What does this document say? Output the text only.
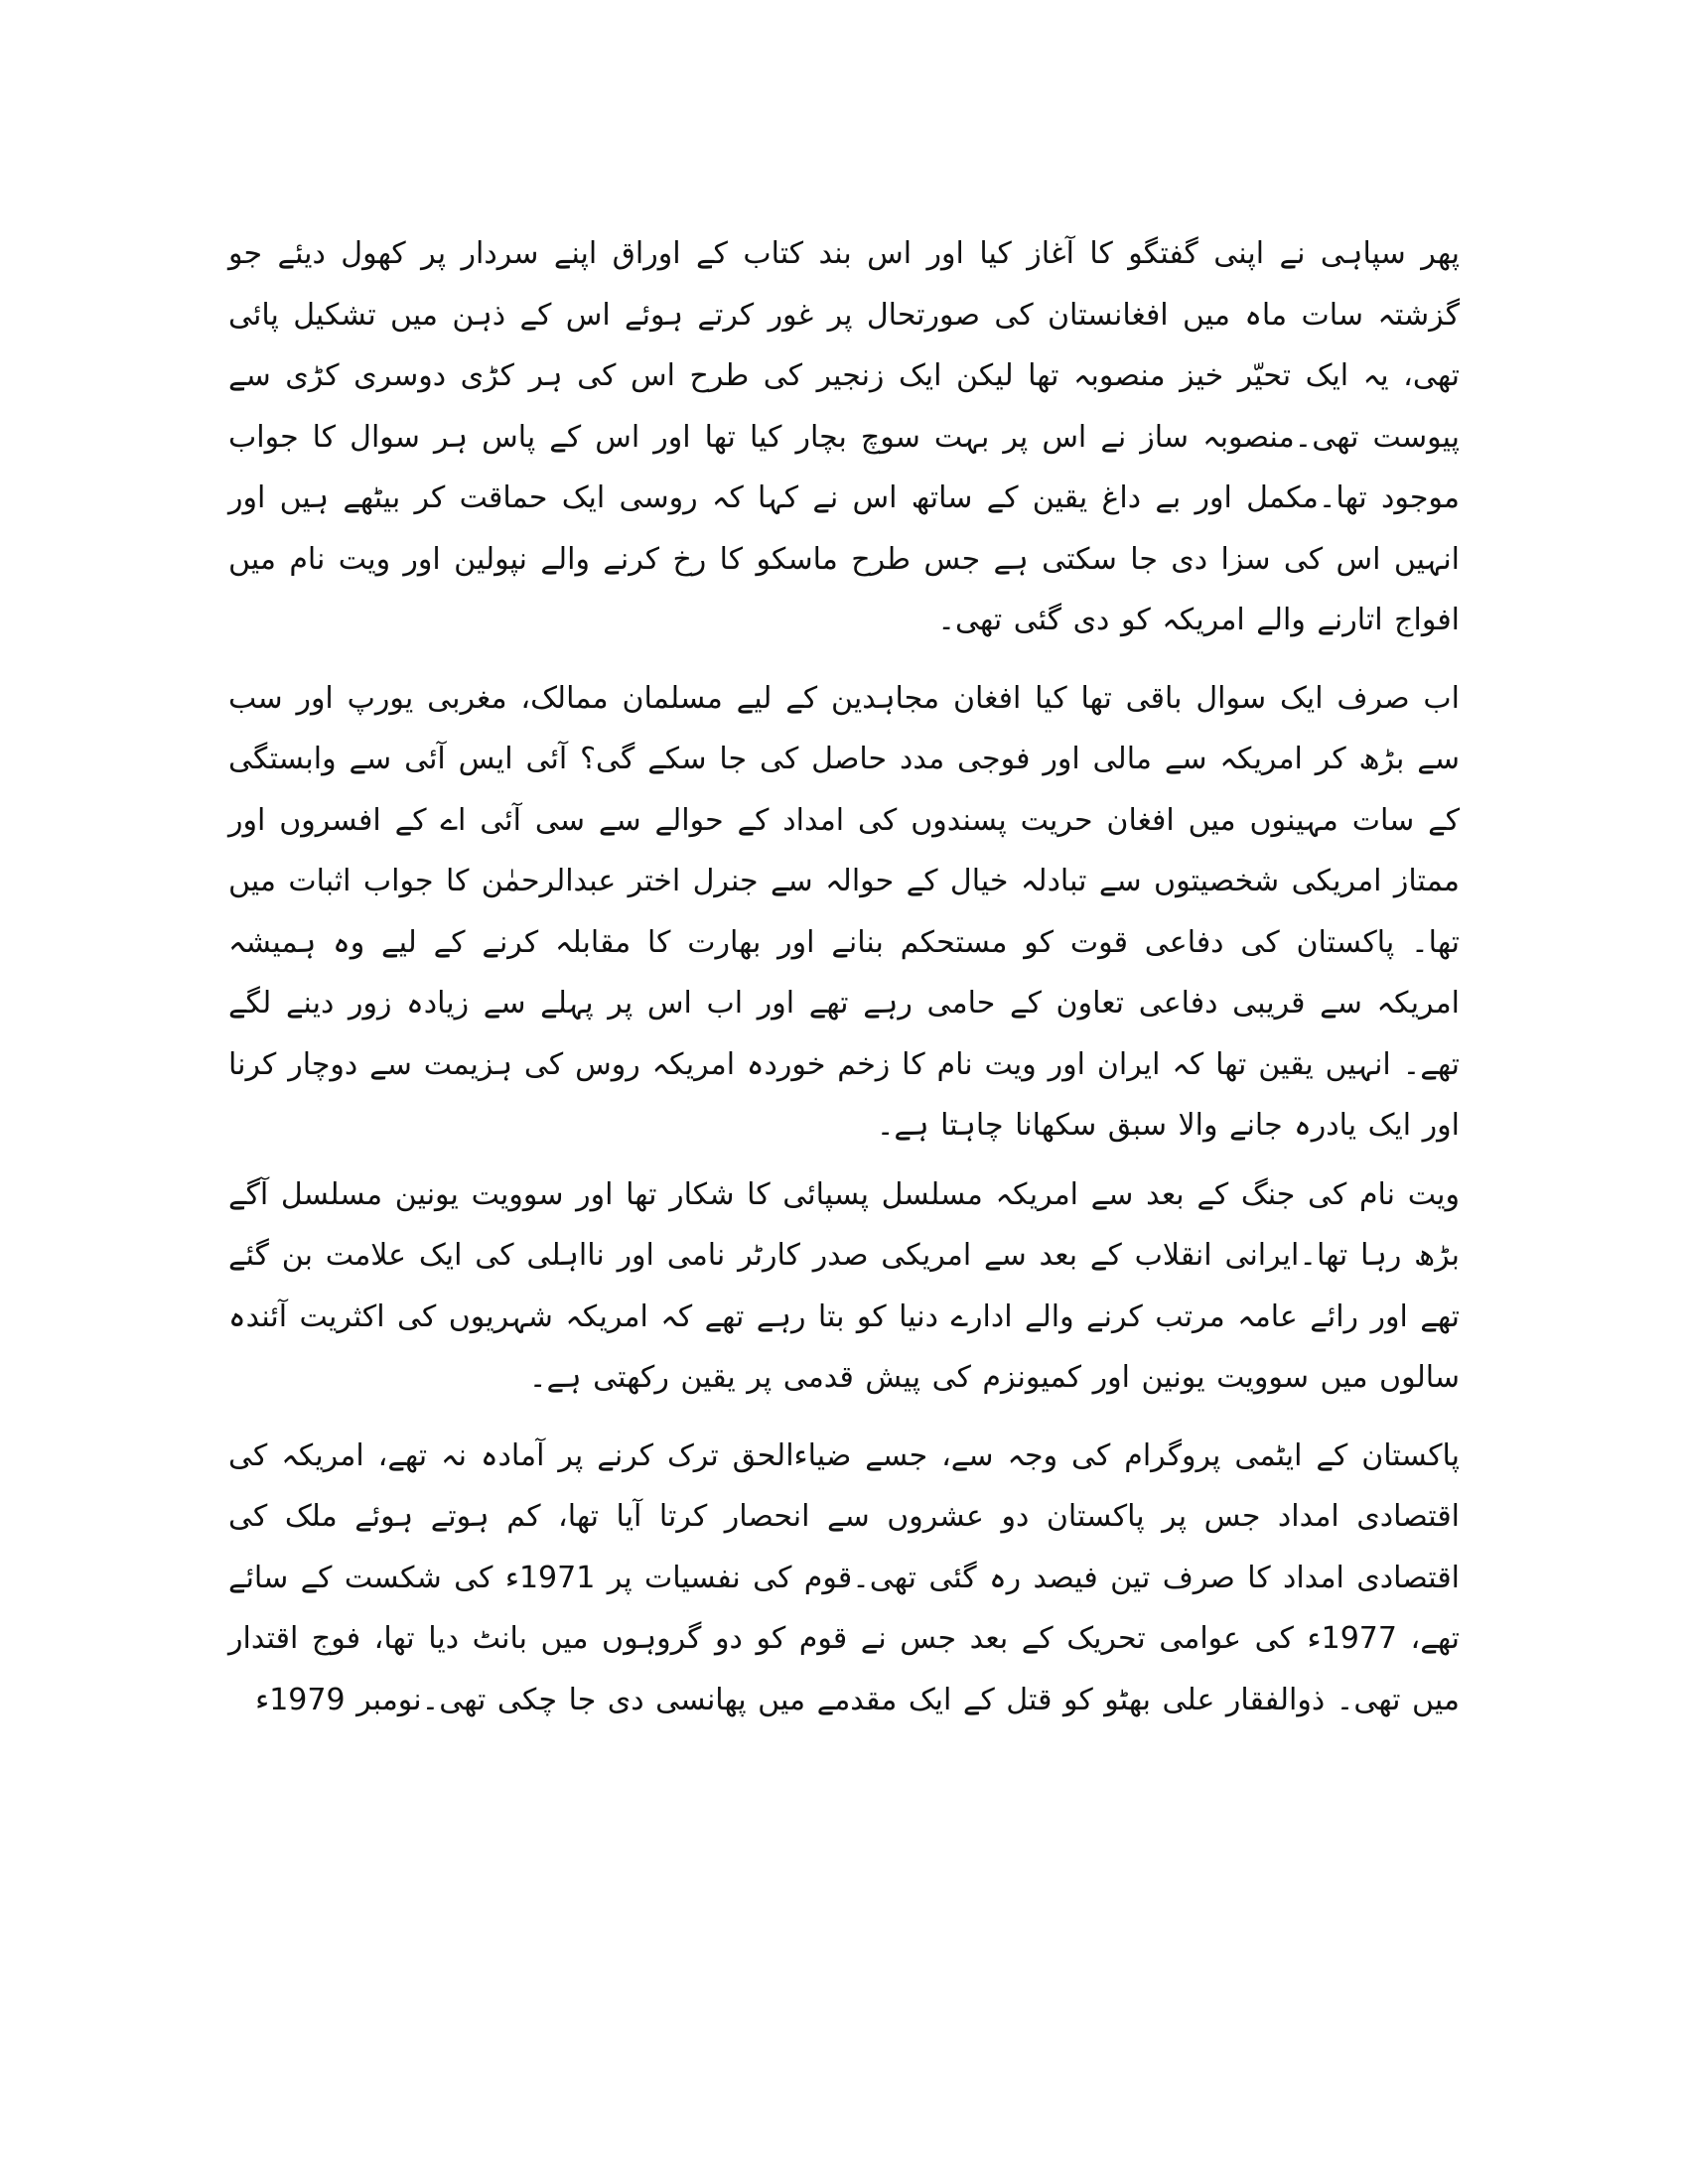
پھر سپاہی نے اپنی گفتگو کا آغاز کیا اور اس بند کتاب کے اوراق اپنے سردار پر کھول دیئے جو گزشتہ سات ماہ میں افغانستان کی صورتحال پر غور کرتے ہوئے اس کے ذہن میں تشکیل پائی تھی، یہ ایک تحیّر خیز منصوبہ تھا لیکن ایک زنجیر کی طرح اس کی ہر کڑی دوسری کڑی سے پیوست تھی۔منصوبہ ساز نے اس پر بہت سوچ بچار کیا تھا اور اس کے پاس ہر سوال کا جواب موجود تھا۔مکمل اور بے داغ یقین کے ساتھ اس نے کہا کہ روسی ایک حماقت کر بیٹھے ہیں اور انہیں اس کی سزا دی جا سکتی ہے جس طرح ماسکو کا رخ کرنے والے نپولین اور ویت نام میں افواج اتارنے والے امریکہ کو دی گئی تھی۔

اب صرف ایک سوال باقی تھا کیا افغان مجاہدین کے لیے مسلمان ممالک، مغربی یورپ اور سب سے بڑھ کر امریکہ سے مالی اور فوجی مدد حاصل کی جا سکے گی؟ آئی ایس آئی سے وابستگی کے سات مہینوں میں افغان حریت پسندوں کی امداد کے حوالے سے سی آئی اے کے افسروں اور ممتاز امریکی شخصیتوں سے تبادلہ خیال کے حوالہ سے جنرل اختر عبدالرحمٰن کا جواب اثبات میں تھا۔ پاکستان کی دفاعی قوت کو مستحکم بنانے اور بھارت کا مقابلہ کرنے کے لیے وہ ہمیشہ امریکہ سے قریبی دفاعی تعاون کے حامی رہے تھے اور اب اس پر پہلے سے زیادہ زور دینے لگے تھے۔ انہیں یقین تھا کہ ایران اور ویت نام کا زخم خوردہ امریکہ روس کی ہزیمت سے دوچار کرنا اور ایک یادرہ جانے والا سبق سکھانا چاہتا ہے۔

ویت نام کی جنگ کے بعد سے امریکہ مسلسل پسپائی کا شکار تھا اور سوویت یونین مسلسل آگے بڑھ رہا تھا۔ایرانی انقلاب کے بعد سے امریکی صدر کارٹر نامی اور نااہلی کی ایک علامت بن گئے تھے اور رائے عامہ مرتب کرنے والے ادارے دنیا کو بتا رہے تھے کہ امریکہ شہریوں کی اکثریت آئندہ سالوں میں سوویت یونین اور کمیونزم کی پیش قدمی پر یقین رکھتی ہے۔

پاکستان کے ایٹمی پروگرام کی وجہ سے، جسے ضیاءالحق ترک کرنے پر آمادہ نہ تھے، امریکہ کی اقتصادی امداد جس پر پاکستان دو عشروں سے انحصار کرتا آیا تھا، کم ہوتے ہوئے ملک کی اقتصادی امداد کا صرف تین فیصد رہ گئی تھی۔قوم کی نفسیات پر 1971ء کی شکست کے سائے تھے، 1977ء کی عوامی تحریک کے بعد جس نے قوم کو دو گروہوں میں بانٹ دیا تھا، فوج اقتدار میں تھی۔ ذوالفقار علی بھٹو کو قتل کے ایک مقدمے میں پھانسی دی جا چکی تھی۔نومبر 1979ء
